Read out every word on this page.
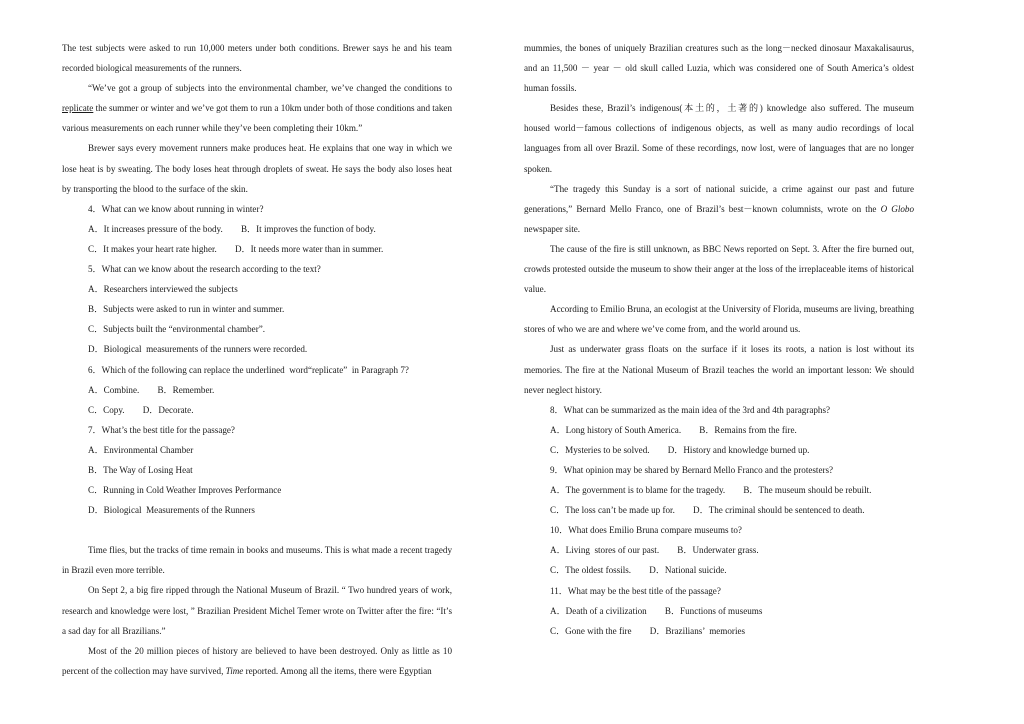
The test subjects were asked to run 10,000 meters under both conditions. Brewer says he and his team recorded biological measurements of the runners.

“We’ve got a group of subjects into the environmental chamber, we’ve changed the conditions to replicate the summer or winter and we’ve got them to run a 10km under both of those conditions and taken various measurements on each runner while they’ve been completing their 10km.”

Brewer says every movement runners make produces heat. He explains that one way in which we lose heat is by sweating. The body loses heat through droplets of sweat. He says the body also loses heat by transporting the blood to the surface of the skin.

4．What can we know about running in winter?

A．It increases pressure of the body.        B．It improves the function of body.

C．It makes your heart rate higher.        D．It needs more water than in summer.

5．What can we know about the research according to the text?

A．Researchers interviewed the subjects

B．Subjects were asked to run in winter and summer.

C．Subjects built the “environmental chamber”.

D．Biological  measurements of the runners were recorded.

6．Which of the following can replace the underlined  word“replicate”  in Paragraph 7?

A．Combine.        B．Remember.

C．Copy.        D．Decorate.

7．What’s the best title for the passage?

A．Environmental Chamber

B．The Way of Losing Heat

C．Running in Cold Weather Improves Performance

D．Biological  Measurements of the Runners

Time flies, but the tracks of time remain in books and museums. This is what made a recent tragedy in Brazil even more terrible.

On Sept 2, a big fire ripped through the National Museum of Brazil. “ Two hundred years of work, research and knowledge were lost, ” Brazilian President Michel Temer wrote on Twitter after the fire: “It’s a sad day for all Brazilians.”

Most of the 20 million pieces of history are believed to have been destroyed. Only as little as 10 percent of the collection may have survived, Time reported. Among all the items, there were Egyptian

mummies, the bones of uniquely Brazilian creatures such as the long－necked dinosaur Maxakalisaurus, and an 11,500 － year － old skull called Luzia, which was considered one of South America’s oldest human fossils.

Besides these, Brazil’s indigenous(本土的，土著的) knowledge also suffered. The museum housed world－famous collections of indigenous objects, as well as many audio recordings of local languages from all over Brazil. Some of these recordings, now lost, were of languages that are no longer spoken.

“The tragedy this Sunday is a sort of national suicide, a crime against our past and future generations,” Bernard Mello Franco, one of Brazil’s best－known columnists, wrote on the O Globo newspaper site.

The cause of the fire is still unknown, as BBC News reported on Sept. 3. After the fire burned out, crowds protested outside the museum to show their anger at the loss of the irreplaceable items of historical value.

According to Emilio Bruna, an ecologist at the University of Florida, museums are living, breathing stores of who we are and where we’ve come from, and the world around us.

Just as underwater grass floats on the surface if it loses its roots, a nation is lost without its memories. The fire at the National Museum of Brazil teaches the world an important lesson: We should never neglect history.

8．What can be summarized as the main idea of the 3rd and 4th paragraphs?

A．Long history of South America.        B．Remains from the fire.

C．Mysteries to be solved.        D．History and knowledge burned up.

9．What opinion may be shared by Bernard Mello Franco and the protesters?

A．The government is to blame for the tragedy.        B．The museum should be rebuilt.

C．The loss can’t be made up for.        D．The criminal should be sentenced to death.

10．What does Emilio Bruna compare museums to?

A．Living  stores of our past.        B．Underwater grass.

C．The oldest fossils.        D．National suicide.

11．What may be the best title of the passage?

A．Death of a civilization        B．Functions of museums

C．Gone with the fire        D．Brazilians’  memories
